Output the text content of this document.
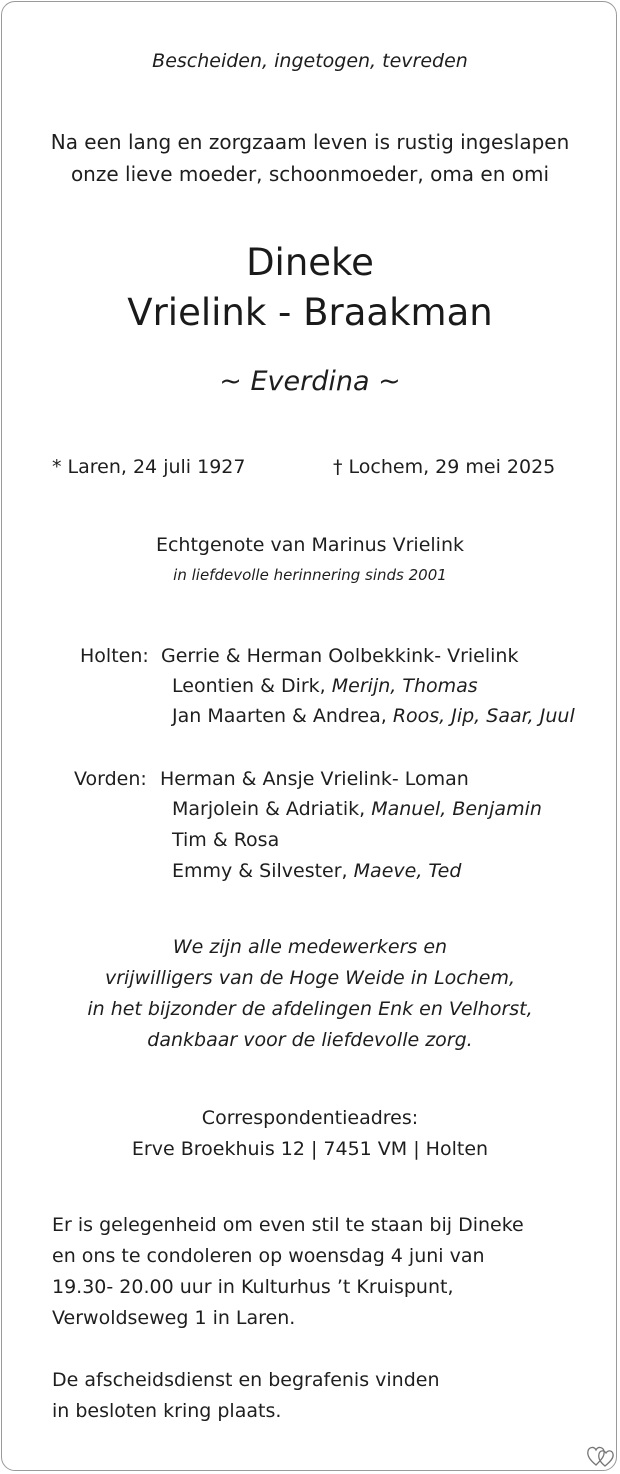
Bescheiden, ingetogen, tevreden
Na een lang en zorgzaam leven is rustig ingeslapen
onze lieve moeder, schoonmoeder, oma en omi
Dineke
Vrielink - Braakman
~ Everdina ~
* Laren, 24 juli 1927	† Lochem, 29 mei 2025
Echtgenote van Marinus Vrielink
in liefdevolle herinnering sinds 2001
Holten: Gerrie & Herman Oolbekkink- Vrielink
Leontien & Dirk, Merijn, Thomas
Jan Maarten & Andrea, Roos, Jip, Saar, Juul
Vorden: Herman & Ansje Vrielink- Loman
Marjolein & Adriatik, Manuel, Benjamin
Tim & Rosa
Emmy & Silvester, Maeve, Ted
We zijn alle medewerkers en
vrijwilligers van de Hoge Weide in Lochem,
in het bijzonder de afdelingen Enk en Velhorst,
dankbaar voor de liefdevolle zorg.
Correspondentieadres:
Erve Broekhuis 12 | 7451 VM | Holten
Er is gelegenheid om even stil te staan bij Dineke
en ons te condoleren op woensdag 4 juni van
19.30- 20.00 uur in Kulturhus ’t Kruispunt,
Verwoldseweg 1 in Laren.
De afscheidsdienst en begrafenis vinden
in besloten kring plaats.
